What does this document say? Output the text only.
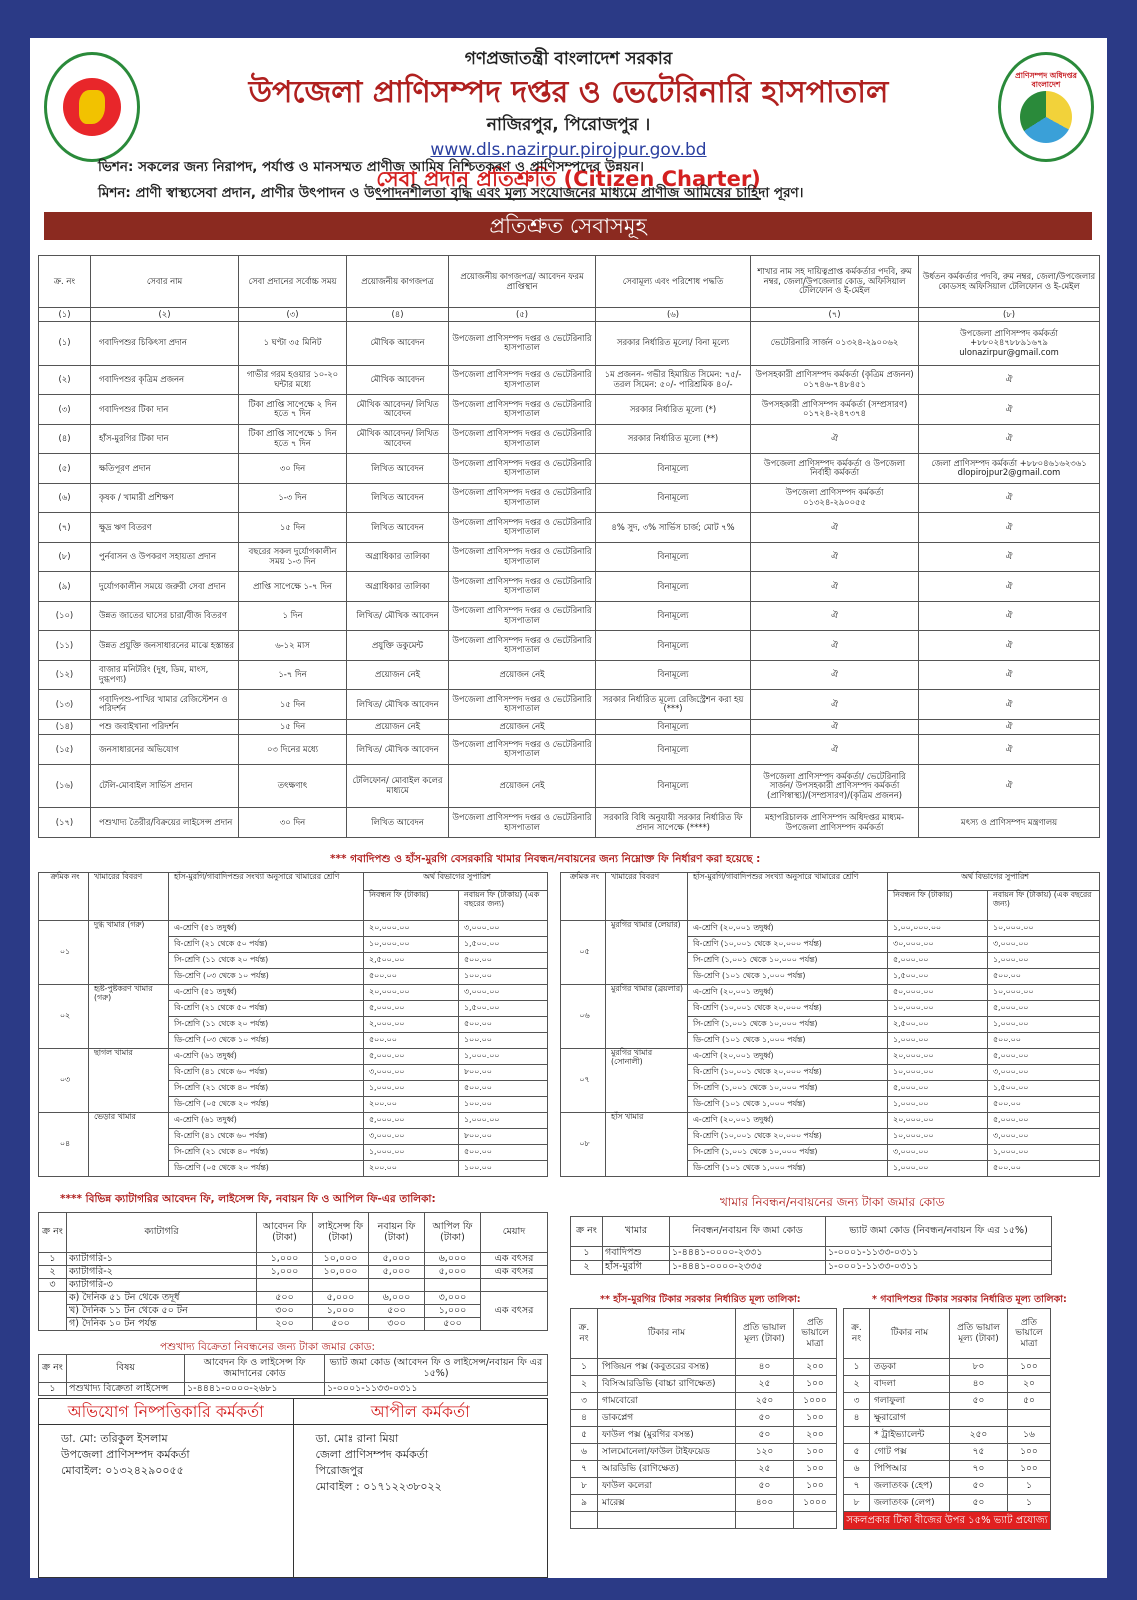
প্রাণিসম্পদ অধিদপ্তর বাংলাদেশ
গণপ্রজাতন্ত্রী বাংলাদেশ সরকার
উপজেলা প্রাণিসম্পদ দপ্তর ও ভেটেরিনারি হাসপাতাল
নাজিরপুর, পিরোজপুর ।
www.dls.nazirpur.pirojpur.gov.bd
সেবা প্রদান প্রতিশ্রুতি (Citizen Charter)
ভিশন: সকলের জন্য নিরাপদ, পর্যাপ্ত ও মানসম্মত প্রাণীজ আমিষ নিশ্চিতকরণ ও প্রাণিসম্পদের উন্নয়ন।
মিশন: প্রাণী স্বাস্থ্যসেবা প্রদান, প্রাণীর উৎপাদন ও উৎপাদনশীলতা বৃদ্ধি এবং মূল্য সংযোজনের মাধ্যমে প্রাণীজ আমিষের চাহিদা পূরণ।
প্রতিশ্রুত সেবাসমূহ
ক্র. নং	সেবার নাম	সেবা প্রদানের সর্বোচ্চ সময়	প্রয়োজনীয় কাগজপত্র	প্রয়োজনীয় কাগজপত্র/ আবেদন ফরম প্রাপ্তিস্থান	সেবামূল্য এবং পরিশোধ পদ্ধতি	শাখার নাম সহ দায়িত্বপ্রাপ্ত কর্মকর্তার পদবি, রুম নম্বর, জেলা/উপজেলার কোড, অফিসিয়াল টেলিফোন ও ই-মেইল	উর্ধতন কর্মকর্তার পদবি, রুম নম্বর, জেলা/উপজেলার কোডসহ অফিসিয়াল টেলিফোন ও ই-মেইল
(১)	(২)	(৩)	(৪)	(৫)	(৬)	(৭)	(৮)
(১)	গবাদিপশুর চিকিৎসা প্রদান	১ ঘণ্টা ৩৫ মিনিট	মৌখিক আবেদন	উপজেলা প্রাণিসম্পদ দপ্তর ও ভেটেরিনারি হাসপাতাল	সরকার নির্ধারিত মূল্যে/ বিনা মূল্যে	ভেটেরিনারি সার্জন ০১৩২৪-২৯০০৬২	উপজেলা প্রাণিসম্পদ কর্মকর্তা +৮৮০২৪৭৮৮৯১৬৭৯ ulonazirpur@gmail.com
(২)	গবাদিপশুর কৃত্রিম প্রজনন	গাভীর গরম হওয়ার ১০-২০ ঘন্টার মধ্যে	মৌখিক আবেদন	উপজেলা প্রাণিসম্পদ দপ্তর ও ভেটেরিনারি হাসপাতাল	১ম প্রজনন- গভীর হিমায়িত সিমেন: ৭৫/- তরল সিমেন: ৫০/- পারিশ্রমিক ৪০/-	উপসহকারী প্রাণিসম্পদ কর্মকর্তা (কৃত্রিম প্রজনন) ০১৭৪৬-৭৪৮৪৫১	ঐ
(৩)	গবাদিপশুর টিকা দান	টিকা প্রাপ্তি সাপেক্ষে ২ দিন হতে ৭ দিন	মৌখিক আবেদন/ লিখিত আবেদন	উপজেলা প্রাণিসম্পদ দপ্তর ও ভেটেরিনারি হাসপাতাল	সরকার নির্ধারিত মূল্যে (*)	উপসহকারী প্রাণিসম্পদ কর্মকর্তা (সম্প্রসারণ) ০১৭২৪-২৪৭৩৭৪	ঐ
(৪)	হাঁস-মুরগির টিকা দান	টিকা প্রাপ্তি সাপেক্ষে ১ দিন হতে ৭ দিন	মৌখিক আবেদন/ লিখিত আবেদন	উপজেলা প্রাণিসম্পদ দপ্তর ও ভেটেরিনারি হাসপাতাল	সরকার নির্ধারিত মূল্যে (**)	ঐ	ঐ
(৫)	ক্ষতিপূরণ প্রদান	৩০ দিন	লিখিত আবেদন	উপজেলা প্রাণিসম্পদ দপ্তর ও ভেটেরিনারি হাসপাতাল	বিনামূল্যে	উপজেলা প্রাণিসম্পদ কর্মকর্তা ও উপজেলা নির্বাহী কর্মকর্তা	জেলা প্রাণিসম্পদ কর্মকর্তা +৮৮০৪৬১৬২৩৬১ dlopirojpur2@gmail.com
(৬)	কৃষক / খামারী প্রশিক্ষণ	১-৩ দিন	লিখিত আবেদন	উপজেলা প্রাণিসম্পদ দপ্তর ও ভেটেরিনারি হাসপাতাল	বিনামূল্যে	উপজেলা প্রাণিসম্পদ কর্মকর্তা ০১৩২৪-২৯০০৫৫	ঐ
(৭)	ক্ষুদ্র ঋণ বিতরণ	১৫ দিন	লিখিত আবেদন	উপজেলা প্রাণিসম্পদ দপ্তর ও ভেটেরিনারি হাসপাতাল	৪% সুদ, ৩% সার্ভিস চার্জ; মোট ৭%	ঐ	ঐ
(৮)	পুর্নবাসন ও উপকরণ সহায়তা প্রদান	বছরের সকল দুর্যোগকালীন সময় ১-৩ দিন	অগ্রাধিকার তালিকা	উপজেলা প্রাণিসম্পদ দপ্তর ও ভেটেরিনারি হাসপাতাল	বিনামূল্যে	ঐ	ঐ
(৯)	দুর্যোগকালীন সময়ে জরুরী সেবা প্রদান	প্রাপ্তি সাপেক্ষে ১-৭ দিন	অগ্রাধিকার তালিকা	উপজেলা প্রাণিসম্পদ দপ্তর ও ভেটেরিনারি হাসপাতাল	বিনামূল্যে	ঐ	ঐ
(১০)	উন্নত জাতের ঘাসের চারা/বীজ বিতরণ	১ দিন	লিখিত/ মৌখিক আবেদন	উপজেলা প্রাণিসম্পদ দপ্তর ও ভেটেরিনারি হাসপাতাল	বিনামূল্যে	ঐ	ঐ
(১১)	উন্নত প্রযুক্তি জনসাধারনের মাঝে হস্তান্তর	৬-১২ মাস	প্রযুক্তি ডকুমেন্ট	উপজেলা প্রাণিসম্পদ দপ্তর ও ভেটেরিনারি হাসপাতাল	বিনামূল্যে	ঐ	ঐ
(১২)	বাজার মনিটরিং (দুধ, ডিম, মাংস, দুগ্ধপণ্য)	১-৭ দিন	প্রয়োজন নেই	প্রয়োজন নেই	বিনামূল্যে	ঐ	ঐ
(১৩)	গবাদিপশু-পাখির খামার রেজিস্টেশন ও পরিদর্শন	১৫ দিন	লিখিত/ মৌখিক আবেদন	উপজেলা প্রাণিসম্পদ দপ্তর ও ভেটেরিনারি হাসপাতাল	সরকার নির্ধারিত মূল্যে রেজিস্ট্রেশন করা হয় (***)	ঐ	ঐ
(১৪)	পশু জবাইখানা পরিদর্শন	১৫ দিন	প্রয়োজন নেই	প্রয়োজন নেই	বিনামূল্যে	ঐ	ঐ
(১৫)	জনসাধারনের অভিযোগ	০৩ দিনের মধ্যে	লিখিত/ মৌখিক আবেদন	উপজেলা প্রাণিসম্পদ দপ্তর ও ভেটেরিনারি হাসপাতাল	বিনামূল্যে	ঐ	ঐ
(১৬)	টেলি-মোবাইল সার্ভিস প্রদান	তৎক্ষণাৎ	টেলিফোন/ মোবাইল কলের মাধ্যমে	প্রয়োজন নেই	বিনামূল্যে	উপজেলা প্রাণিসম্পদ কর্মকর্তা/ ভেটেরিনারি সার্জন/ উপসহকারী প্রাণিসম্পদ কর্মকর্তা (প্রাণিস্বাস্থ্য)/(সম্প্রসারণ)/(কৃত্রিম প্রজনন)	ঐ
(১৭)	পশুখাদ্য তৈরীর/বিক্রয়ের লাইসেন্স প্রদান	৩০ দিন	লিখিত আবেদন	উপজেলা প্রাণিসম্পদ দপ্তর ও ভেটেরিনারি হাসপাতাল	সরকারি বিধি অনুযায়ী সরকার নির্ধারিত ফি প্রদান সাপেক্ষে (****)	মহাপরিচালক প্রাণিসম্পদ অধিদপ্তর মাধ্যম- উপজেলা প্রাণিসম্পদ কর্মকর্তা	মৎস্য ও প্রাণিসম্পদ মন্ত্রণালয়
*** গবাদিপশু ও হাঁস-মুরগি বেসরকারি খামার নিবন্ধন/নবায়নের জন্য নিম্নোক্ত ফি নির্ধারণ করা হয়েছে :
ক্রমিক নং	খামারের বিবরণ	হাঁস-মুরগি/গাবাদিপশুর সংখ্যা অনুসারে খামারের শ্রেণি	অর্থ বিভাগের সুপারিশ	
			নিবন্ধন ফি (টাকায়)	নবায়ন ফি (টাকায়) (এক বছরের জন্য)
০১	দুগ্ধ খামার (গরু)	এ-শ্রেণি (৫১ তদুর্ধ্ব)	২০,০০০.০০	৩,০০০.০০
		বি-শ্রেণি (২১ থেকে ৫০ পর্যন্ত)	১০,০০০.০০	১,৫০০.০০
		সি-শ্রেণি (১১ থেকে ২০ পর্যন্ত)	২,৫০০.০০	৫০০.০০
		ডি-শ্রেণি (০৩ থেকে ১০ পর্যন্ত)	৫০০.০০	১০০.০০
০২	হৃষ্ট-পুষ্টকরণ খামার (গরু)	এ-শ্রেণি (৫১ তদুর্ধ্ব)	২০,০০০.০০	৩,০০০.০০
		বি-শ্রেণি (২১ থেকে ৫০ পর্যন্ত)	৫,০০০.০০	১,৫০০.০০
		সি-শ্রেণি (১১ থেকে ২০ পর্যন্ত)	২,০০০.০০	৫০০.০০
		ডি-শ্রেণি (০৩ থেকে ১০ পর্যন্ত)	৫০০.০০	১০০.০০
০৩	ছাগল খামার	এ-শ্রেণি (৬১ তদুর্ধ্ব)	৫,০০০.০০	১,০০০.০০
		বি-শ্রেণি (৪১ থেকে ৬০ পর্যন্ত)	৩,০০০.০০	৮০০.০০
		সি-শ্রেণি (২১ থেকে ৪০ পর্যন্ত)	১,০০০.০০	৫০০.০০
		ডি-শ্রেণি (০৫ থেকে ২০ পর্যন্ত)	২০০.০০	১০০.০০
০৪	ভেড়ার খামার	এ-শ্রেণি (৬১ তদুর্ধ্ব)	৫,০০০.০০	১,০০০.০০
		বি-শ্রেণি (৪১ থেকে ৬০ পর্যন্ত)	৩,০০০.০০	৮০০.০০
		সি-শ্রেণি (২১ থেকে ৪০ পর্যন্ত)	১,০০০.০০	৫০০.০০
		ডি-শ্রেণি (০৫ থেকে ২০ পর্যন্ত)	২০০.০০	১০০.০০
ক্রমিক নং	খামারের বিবরণ	হাঁস-মুরগি/গাবাদিপশুর সংখ্যা অনুসারে খামারের শ্রেণি	অর্থ বিভাগের সুপারিশ	
			নিবন্ধন ফি (টাকায়)	নবায়ন ফি (টাকায়) (এক বছরের জন্য)
০৫	মুরগির খামার (লেয়ার)	এ-শ্রেণি (২০,০০১ তদুর্ধ্ব)	১,০০,০০০.০০	১০,০০০.০০
		বি-শ্রেণি (১০,০০১ থেকে ২০,০০০ পর্যন্ত)	৩০,০০০.০০	৩,০০০.০০
		সি-শ্রেণি (১,০০১ থেকে ১০,০০০ পর্যন্ত)	৫,০০০.০০	১,০০০.০০
		ডি-শ্রেণি (১০১ থেকে ১,০০০ পর্যন্ত)	১,৫০০.০০	৫০০.০০
০৬	মুরগির খামার (ব্রয়লার)	এ-শ্রেণি (২০,০০১ তদুর্ধ্ব)	৫০,০০০.০০	১০,০০০.০০
		বি-শ্রেণি (১০,০০১ থেকে ২০,০০০ পর্যন্ত)	১০,০০০.০০	৫,০০০.০০
		সি-শ্রেণি (১,০০১ থেকে ১০,০০০ পর্যন্ত)	২,৫০০.০০	১,০০০.০০
		ডি-শ্রেণি (১০১ থেকে ১,০০০ পর্যন্ত)	১,০০০.০০	৫০০.০০
০৭	মুরগির খামার (সোনালী)	এ-শ্রেণি (২০,০০১ তদুর্ধ্ব)	২০,০০০.০০	৫,০০০.০০
		বি-শ্রেণি (১০,০০১ থেকে ২০,০০০ পর্যন্ত)	১০,০০০.০০	৩,০০০.০০
		সি-শ্রেণি (১,০০১ থেকে ১০,০০০ পর্যন্ত)	৫,০০০.০০	১,৫০০.০০
		ডি-শ্রেণি (১০১ থেকে ১,০০০ পর্যন্ত)	১,০০০.০০	৫০০.০০
০৮	হাঁস খামার	এ-শ্রেণি (২০,০০১ তদুর্ধ্ব)	২০,০০০.০০	৫,০০০.০০
		বি-শ্রেণি (১০,০০১ থেকে ২০,০০০ পর্যন্ত)	১০,০০০.০০	৩,০০০.০০
		সি-শ্রেণি (১,০০১ থেকে ১০,০০০ পর্যন্ত)	৩,০০০.০০	১,০০০.০০
		ডি-শ্রেণি (১০১ থেকে ১,০০০ পর্যন্ত)	১,০০০.০০	৫০০.০০
**** বিভিন্ন ক্যাটাগরির আবেদন ফি, লাইসেন্স ফি, নবায়ন ফি ও আপিল ফি-এর তালিকা:
ক্র নং	ক্যাটাগরি	আবেদন ফি (টাকা)	লাইসেন্স ফি (টাকা)	নবায়ন ফি (টাকা)	আপিল ফি (টাকা)	মেয়াদ
১	ক্যাটাগরি-১	১,০০০	১০,০০০	৫,০০০	৬,০০০	এক বৎসর
২	ক্যাটাগরি-২	১,০০০	১০,০০০	৫,০০০	৫,০০০	এক বৎসর
৩	ক্যাটাগরি-৩					
	ক) দৈনিক ৫১ টন থেকে তদূর্ধ	৫০০	৫,০০০	৬,০০০	৩,০০০	এক বৎসর
	খ) দৈনিক ১১ টন থেকে ৫০ টন	৩০০	১,০০০	৫০০	১,০০০	
	গ) দৈনিক ১০ টন পর্যন্ত	২০০	৫০০	৩০০	৫০০	
পশুখাদ্য বিক্রেতা নিবন্ধনের জন্য টাকা জমার কোড:
ক্র নং	বিষয়	আবেদন ফি ও লাইসেন্স ফি জমাদানের কোড	ভ্যাট জমা কোড (আবেদন ফি ও লাইসেন্স/নবায়ন ফি এর ১৫%)
১	পশুখাদ্য বিক্রেতা লাইসেন্স	১-৪৪৪১-০০০০-২৬৮১	১-০০০১-১১৩৩-০৩১১
অভিযোগ নিষ্পত্তিকারি কর্মকর্তা

ডা. মো: তরিকুল ইসলাম

উপজেলা প্রাণিসম্পদ কর্মকর্তা

মোবাইল: ০১৩২৪২৯০০৫৫

আপীল কর্মকর্তা

ডা. মোঃ রানা মিয়া

জেলা প্রাণিসম্পদ কর্মকর্তা

পিরোজপুর

মোবাইল : ০১৭১২২৩৮০২২

খামার নিবন্ধন/নবায়নের জন্য টাকা জমার কোড
ক্র নং	খামার	নিবন্ধন/নবায়ন ফি জমা কোড	ভ্যাট জমা কোড (নিবন্ধন/নবায়ন ফি এর ১৫%)
১	গবাদিপশু	১-৪৪৪১-০০০০-২৩৩১	১-০০০১-১১৩৩-০৩১১
২	হাঁস-মুরগি	১-৪৪৪১-০০০০-২৩৩৫	১-০০০১-১১৩৩-০৩১১
** হাঁস-মুরগির টিকার সরকার নির্ধারিত মূল্য তালিকা:
ক্র. নং	টিকার নাম	প্রতি ভায়াল মূল্য (টাকা)	প্রতি ভায়ালে মাত্রা
১	পিজিয়ন পক্স (কবুতরের বসন্ত)	৪০	২০০
২	বিসিআরডিভি (বাচ্চা রাণিক্ষেত)	২৫	১০০
৩	গামবোরো	২৫০	১০০০
৪	ডাকপ্লেগ	৫০	১০০
৫	ফাউল পক্স (মুরগির বসন্ত)	৫০	২০০
৬	সালমোনেলা/ফাউল টাইফয়েড	১২০	১০০
৭	আরডিভি (রাণিক্ষেত)	২৫	১০০
৮	ফাউল কলেরা	৫০	১০০
৯	মারেক্স	৪০০	১০০০

* গবাদিপশুর টিকার সরকার নির্ধারিত মূল্য তালিকা:
ক্র. নং	টিকার নাম	প্রতি ভায়াল মূল্য (টাকা)	প্রতি ভায়ালে মাত্রা
১	তড়কা	৮০	১০০
২	বাদলা	৪০	২০
৩	গলাফুলা	৫০	৫০
৪	ক্ষুরারোগ		
	* ট্রাইভ্যালেন্ট	২৫০	১৬
৫	গোট পক্স	৭৫	১০০
৬	পিপিআর	৭০	১০০
৭	জলাতংক (হেপ)	৫০	১
৮	জলাতংক (লেপ)	৫০	১
সকলপ্রকার টিকা বীজের উপর ১৫% ভ্যাট প্রযোজ্য			
